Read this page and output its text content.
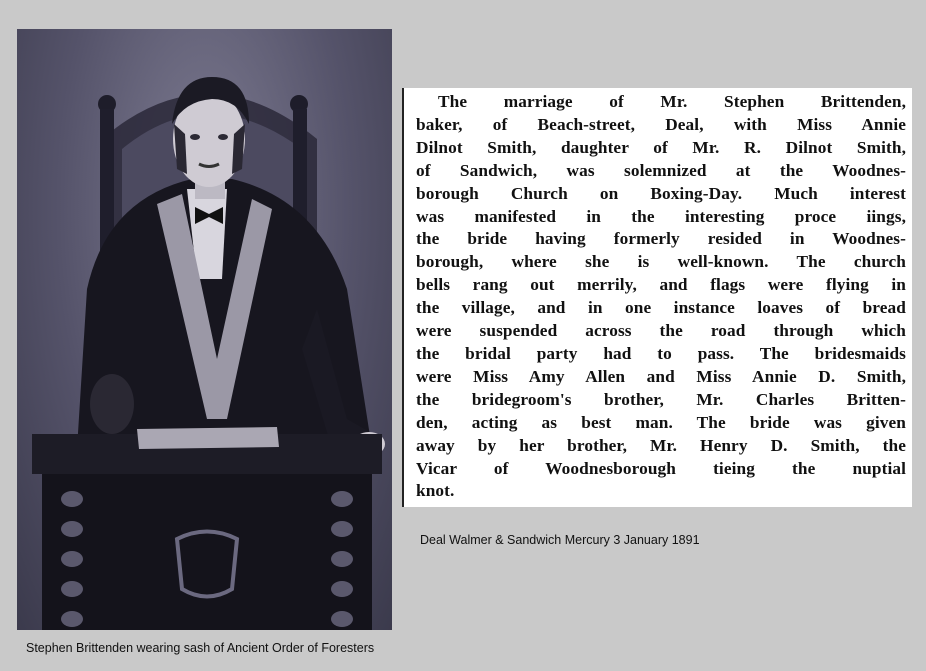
Stephen Brittenden wearing sash of Ancient Order of Foresters
The marriage of Mr. Stephen Brittenden,
baker, of Beach-street, Deal, with Miss Annie
Dilnot Smith, daughter of Mr. R. Dilnot Smith,
of Sandwich, was solemnized at the Woodnes-
borough Church on Boxing-Day. Much interest
was manifested in the interesting proce iings,
the bride having formerly resided in Woodnes-
borough, where she is well-known. The church
bells rang out merrily, and flags were flying in
the village, and in one instance loaves of bread
were suspended across the road through which
the bridal party had to pass. The bridesmaids
were Miss Amy Allen and Miss Annie D. Smith,
the bridegroom's brother, Mr. Charles Britten-
den, acting as best man. The bride was given
away by her brother, Mr. Henry D. Smith, the
Vicar of Woodnesborough tieing the nuptial
knot.
Deal Walmer & Sandwich Mercury 3 January 1891
